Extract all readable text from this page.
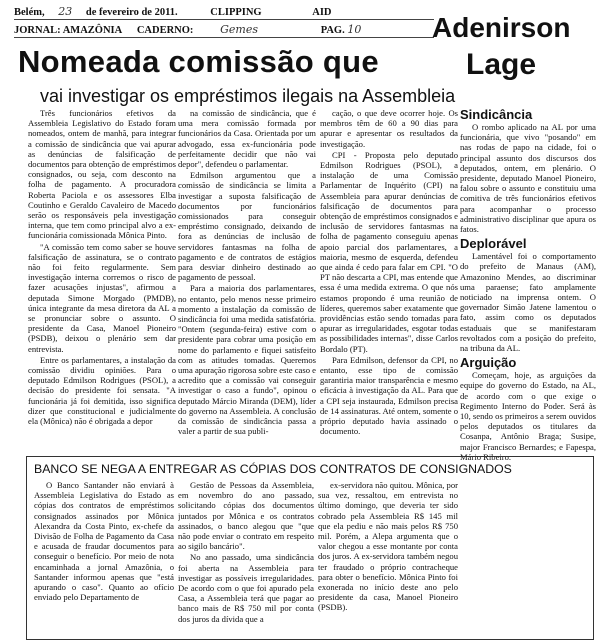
Belém, 23 de fevereiro de 2011.	CLIPPING	AID
JORNAL: AMAZÔNIA CADERNO: Gemes	PAG. 10	Adenirson
Lage
Nomeada comissão que
vai investigar os empréstimos ilegais na Assembleia

Três funcionários efetivos da Assembleia Legislativo do Estado foram nomeados, ontem de manhã, para integrar a comissão de sindicância que vai apurar as denúncias de falsificação de documentos para obtenção de empréstimos consignados, ou seja, com desconto na folha de pagamento. A procuradora Roberta Paciola e os assessores Elba Coutinho e Geraldo Cavaleiro de Macedo serão os responsáveis pela investigação interna, que tem como principal alvo a ex-funcionária comissionada Mônica Pinto.

"A comissão tem como saber se houve falsificação de assinatura, se o contrato não foi feito regularmente. Sem investigação interna corremos o risco de fazer acusações injustas", afirmou a deputada Simone Morgado (PMDB), única integrante da mesa diretora da AL a se pronunciar sobre o assunto. O presidente da Casa, Manoel Pioneiro (PSDB), deixou o plenário sem dar entrevista.

Entre os parlamentares, a instalação da comissão dividiu opiniões. Para o deputado Edmilson Rodrigues (PSOL), a decisão do presidente foi sensata. "A funcionária já foi demitida, isso significa dizer que constitucional e judicialmente ela (Mônica) não é obrigada a depor

na comissão de sindicância, que é uma mera comissão formada por funcionários da Casa. Orientada por um advogado, essa ex-funcionária pode perfeitamente decidir que não vai depor", defendeu o parlamentar.

Edmilson argumentou que a comissão de sindicância se limita a investigar a suposta falsificação de documentos por funcionários comissionados para conseguir empréstimo consignado, deixando de fora as denúncias de inclusão de servidores fantasmas na folha de pagamento e de contratos de estágios para desviar dinheiro destinado ao pagamento de pessoal.

Para a maioria dos parlamentares, no entanto, pelo menos nesse primeiro momento a instalação da comissão de sindicância foi uma medida satisfatória. "Ontem (segunda-feira) estive com o presidente para cobrar uma posição em nome do parlamento e fiquei satisfeito com as atitudes tomadas. Queremos uma apuração rigorosa sobre este caso e acredito que a comissão vai conseguir investigar o caso a fundo", opinou o deputado Márcio Miranda (DEM), líder do governo na Assembleia. A conclusão da comissão de sindicância passa a valer a partir de sua publi-

cação, o que deve ocorrer hoje. Os membros têm de 60 a 90 dias para apurar e apresentar os resultados da investigação.

CPI - Proposta pelo deputado Edmilson Rodrigues (PSOL), a instalação de uma Comissão Parlamentar de Inquérito (CPI) na Assembleia para apurar denúncias de falsificação de documentos para obtenção de empréstimos consignados e inclusão de servidores fantasmas na folha de pagamento conseguiu apenas apoio parcial dos parlamentares, a maioria, mesmo de esquerda, defendeu que ainda é cedo para falar em CPI. "O PT não descarta a CPI, mas entende que essa é uma medida extrema. O que nós estamos propondo é uma reunião de líderes, queremos saber exatamente que providências estão sendo tomadas para apurar as irregularidades, esgotar todas as possibilidades internas", disse Carlos Bordalo (PT).

Para Edmilson, defensor da CPI, no entanto, esse tipo de comissão garantiria maior transparência e mesmo eficácia à investigação da AL. Para que a CPI seja instaurada, Edmilson precisa de 14 assinaturas. Até ontem, somente o próprio deputado havia assinado o documento.

Sindicância

O rombo aplicado na AL por uma funcionária, que vivo "posando" em nas rodas de papo na cidade, foi o principal assunto dos discursos dos deputados, ontem, em plenário. O presidente, deputado Manoel Pioneiro, falou sobre o assunto e constituiu uma comitiva de três funcionários efetivos para acompanhar o processo administrativo disciplinar que apura os fatos.

Deplorável

Lamentável foi o comportamento do prefeito de Manaus (AM), Amazonino Mendes, ao discriminar uma paraense; fato amplamente noticiado na imprensa ontem. O governador Simão Jatene lamentou o fato, assim como os deputados estaduais que se manifestaram revoltados com a posição do prefeito, na tribuna da AL.

Arguição

Começam, hoje, as arguições da equipe do governo do Estado, na AL, de acordo com o que exige o Regimento Interno do Poder. Será às 10, sendo os primeiros a serem ouvidos pelos deputados os titulares da Cosanpa, Antônio Braga; Susipe, major Francisco Bernardes; e Fapespa, Mário Ribeiro.

BANCO SE NEGA A ENTREGAR AS CÓPIAS DOS CONTRATOS DE CONSIGNADOS

O Banco Santander não enviará à Assembleia Legislativa do Estado as cópias dos contratos de empréstimos consignados assinados por Mônica Alexandra da Costa Pinto, ex-chefe da Divisão de Folha de Pagamento da Casa e acusada de fraudar documentos para conseguir o benefício. Por meio de nota encaminhada a jornal Amazônia, o Santander informou apenas que "está apurando o caso". Quanto ao ofício enviado pelo Departamento de

Gestão de Pessoas da Assembleia, em novembro do ano passado, solicitando cópias dos documentos juntados por Mônica e os contratos assinados, o banco alegou que "que não pode enviar o contrato em respeito ao sigilo bancário".

No ano passado, uma sindicância foi aberta na Assembleia para investigar as possíveis irregularidades. De acordo com o que foi apurado pela Casa, a Assembleia terá que pagar ao banco mais de R$ 750 mil por conta dos juros da dívida que a

ex-servidora não quitou. Mônica, por sua vez, ressaltou, em entrevista no último domingo, que deveria ter sido cobrado pela Assembleia R$ 145 mil que ela pediu e não mais pelos R$ 750 mil. Porém, a Alepa argumenta que o valor chegou a esse montante por conta dos juros. A ex-servidora também negou ter fraudado o próprio contracheque para obter o benefício. Mônica Pinto foi exonerada no início deste ano pelo presidente da casa, Manoel Pioneiro (PSDB).
